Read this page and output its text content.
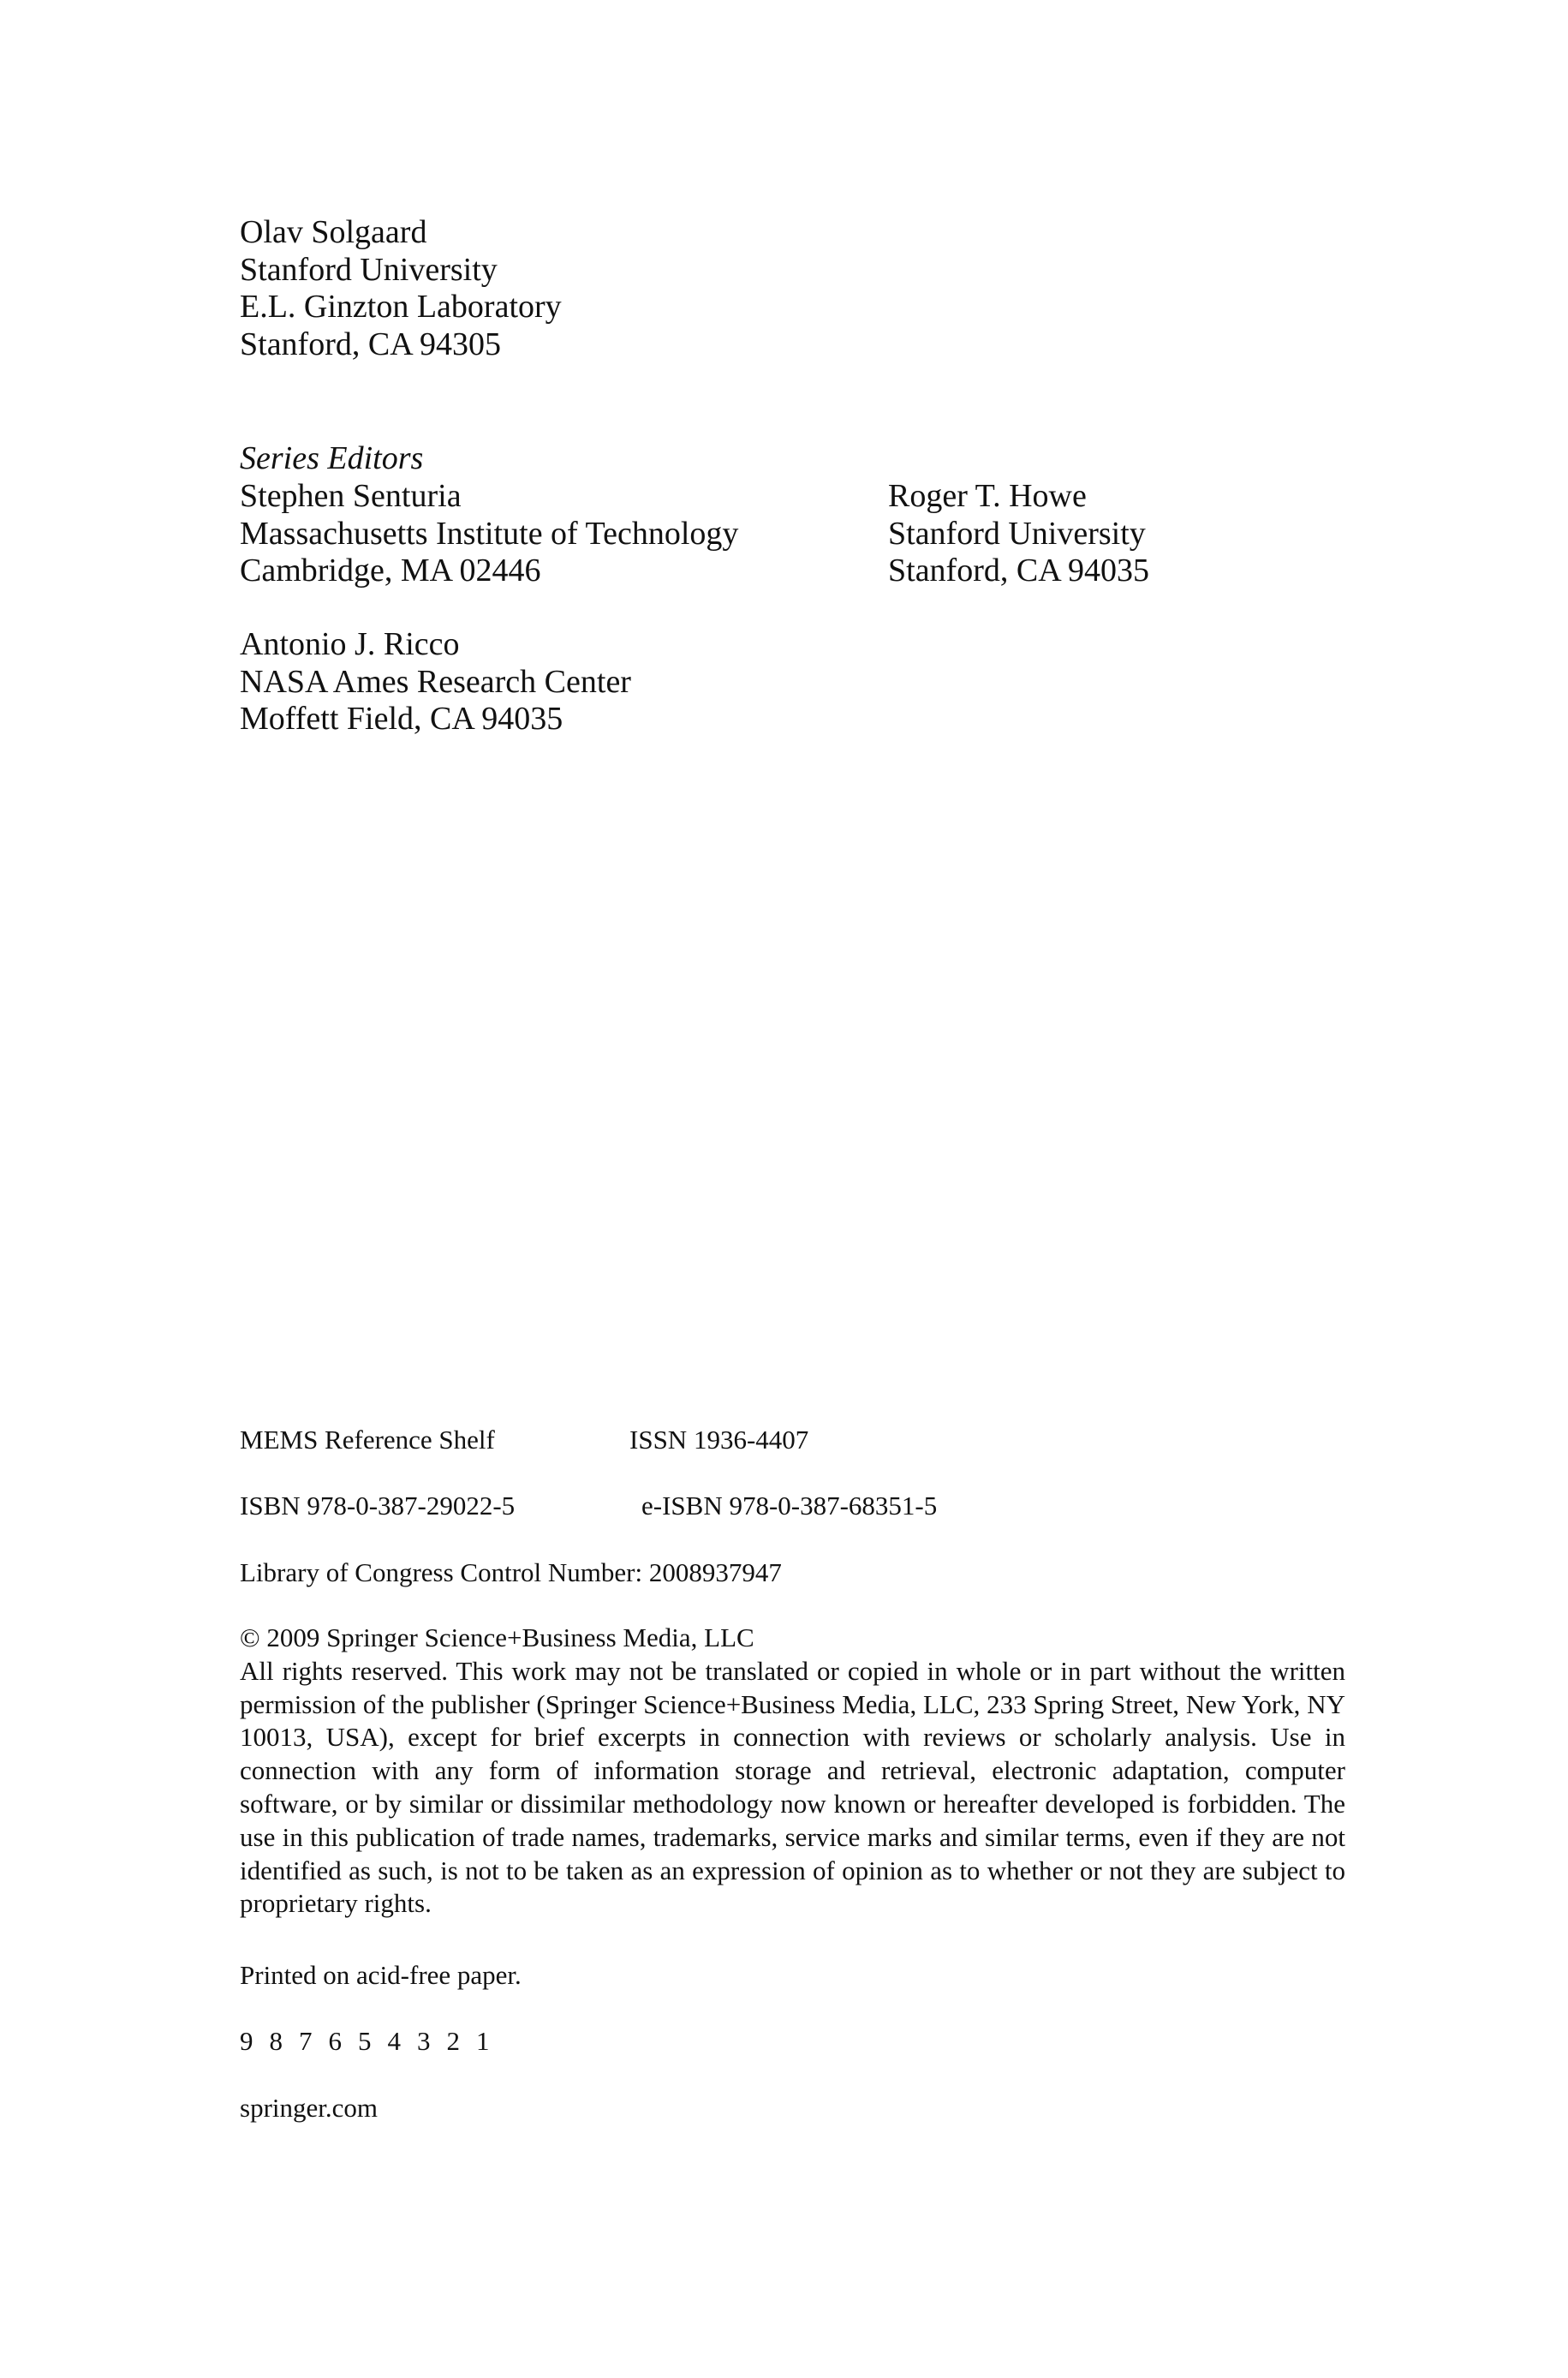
Olav Solgaard
Stanford University
E.L. Ginzton Laboratory
Stanford, CA 94305
Series Editors
Stephen Senturia
Massachusetts Institute of Technology
Cambridge, MA 02446
Roger T. Howe
Stanford University
Stanford, CA 94035
Antonio J. Ricco
NASA Ames Research Center
Moffett Field, CA 94035
MEMS Reference Shelf	ISSN 1936-4407
ISBN 978-0-387-29022-5	e-ISBN 978-0-387-68351-5
Library of Congress Control Number: 2008937947
© 2009 Springer Science+Business Media, LLC
All rights reserved. This work may not be translated or copied in whole or in part without the written permission of the publisher (Springer Science+Business Media, LLC, 233 Spring Street, New York, NY 10013, USA), except for brief excerpts in connection with reviews or scholarly analysis. Use in connection with any form of information storage and retrieval, electronic adaptation, computer software, or by similar or dissimilar methodology now known or hereafter developed is forbidden. The use in this publication of trade names, trademarks, service marks and similar terms, even if they are not identified as such, is not to be taken as an expression of opinion as to whether or not they are subject to proprietary rights.
Printed on acid-free paper.
9 8 7 6 5 4 3 2 1
springer.com
